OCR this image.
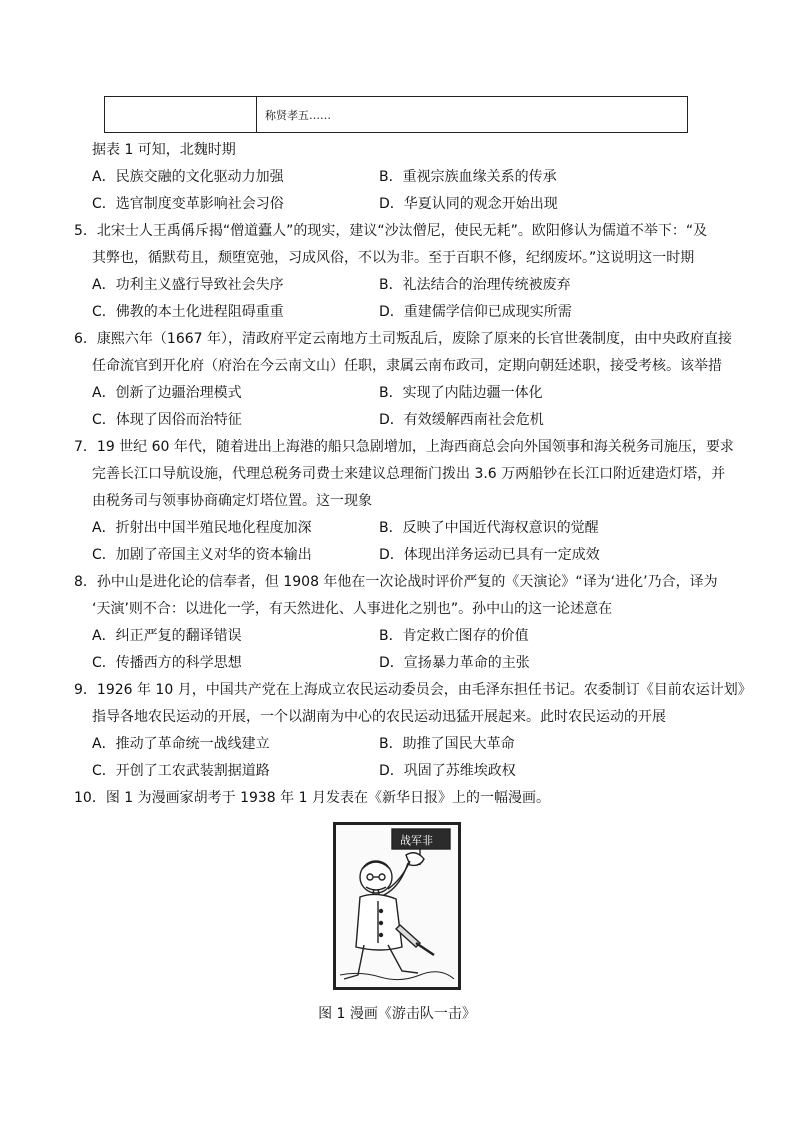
称贤孝五……
据表 1 可知，北魏时期
A．民族交融的文化驱动力加强	B．重视宗族血缘关系的传承
C．选官制度变革影响社会习俗	D．华夏认同的观念开始出现
5．北宋士人王禹偁斥揭“僧道蠹人”的现实，建议“沙汰僧尼，使民无耗”。欧阳修认为儒道不举下：“及
其弊也，循默苟且，颓堕宽弛，习成风俗，不以为非。至于百职不修，纪纲废坏。”这说明这一时期
A．功利主义盛行导致社会失序	B．礼法结合的治理传统被废弃
C．佛教的本土化进程阻碍重重	D．重建儒学信仰已成现实所需
6．康熙六年（1667 年），清政府平定云南地方土司叛乱后，废除了原来的长官世袭制度，由中央政府直接
任命流官到开化府（府治在今云南文山）任职，隶属云南布政司，定期向朝廷述职，接受考核。该举措
A．创新了边疆治理模式	B．实现了内陆边疆一体化
C．体现了因俗而治特征	D．有效缓解西南社会危机
7．19 世纪 60 年代，随着进出上海港的船只急剧增加，上海西商总会向外国领事和海关税务司施压，要求
完善长江口导航设施，代理总税务司费士来建议总理衙门拨出 3.6 万两船钞在长江口附近建造灯塔，并
由税务司与领事协商确定灯塔位置。这一现象
A．折射出中国半殖民地化程度加深	B．反映了中国近代海权意识的觉醒
C．加剧了帝国主义对华的资本输出	D．体现出洋务运动已具有一定成效
8．孙中山是进化论的信奉者，但 1908 年他在一次论战时评价严复的《天演论》“译为‘进化’乃合，译为
‘天演’则不合：以进化一学，有天然进化、人事进化之别也”。孙中山的这一论述意在
A．纠正严复的翻译错误	B．肯定救亡图存的价值
C．传播西方的科学思想	D．宣扬暴力革命的主张
9．1926 年 10 月，中国共产党在上海成立农民运动委员会，由毛泽东担任书记。农委制订《目前农运计划》
指导各地农民运动的开展，一个以湖南为中心的农民运动迅猛开展起来。此时农民运动的开展
A．推动了革命统一战线建立	B．助推了国民大革命
C．开创了工农武装割据道路	D．巩固了苏维埃政权
10．图 1 为漫画家胡考于 1938 年 1 月发表在《新华日报》上的一幅漫画。
战军非
图 1 漫画《游击队一击》
